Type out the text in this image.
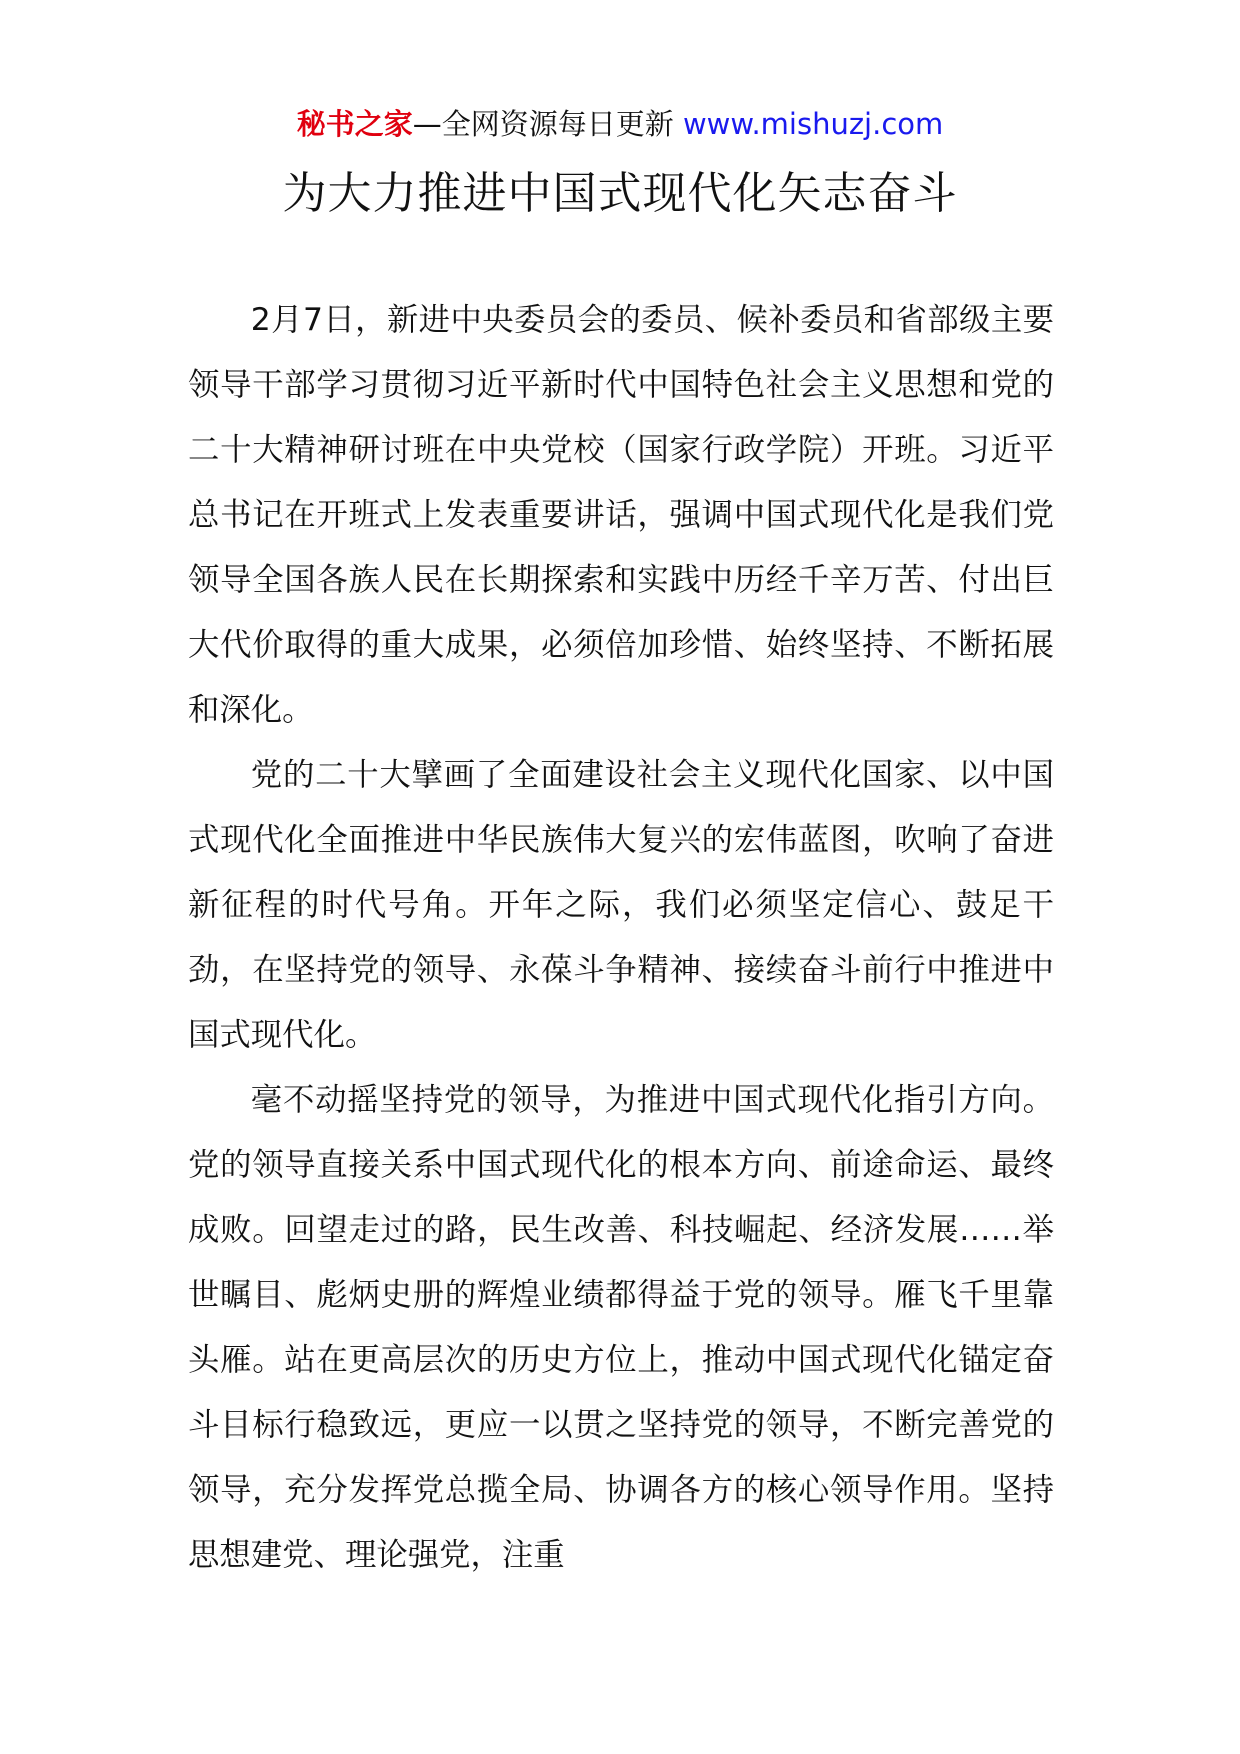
秘书之家—全网资源每日更新 www.mishuzj.com
为大力推进中国式现代化矢志奋斗

2月7日，新进中央委员会的委员、候补委员和省部级主要领导干部学习贯彻习近平新时代中国特色社会主义思想和党的二十大精神研讨班在中央党校（国家行政学院）开班。习近平总书记在开班式上发表重要讲话，强调中国式现代化是我们党领导全国各族人民在长期探索和实践中历经千辛万苦、付出巨大代价取得的重大成果，必须倍加珍惜、始终坚持、不断拓展和深化。

党的二十大擘画了全面建设社会主义现代化国家、以中国式现代化全面推进中华民族伟大复兴的宏伟蓝图，吹响了奋进新征程的时代号角。开年之际，我们必须坚定信心、鼓足干劲，在坚持党的领导、永葆斗争精神、接续奋斗前行中推进中国式现代化。

毫不动摇坚持党的领导，为推进中国式现代化指引方向。党的领导直接关系中国式现代化的根本方向、前途命运、最终成败。回望走过的路，民生改善、科技崛起、经济发展……举世瞩目、彪炳史册的辉煌业绩都得益于党的领导。雁飞千里靠头雁。站在更高层次的历史方位上，推动中国式现代化锚定奋斗目标行稳致远，更应一以贯之坚持党的领导，不断完善党的领导，充分发挥党总揽全局、协调各方的核心领导作用。坚持思想建党、理论强党，注重
